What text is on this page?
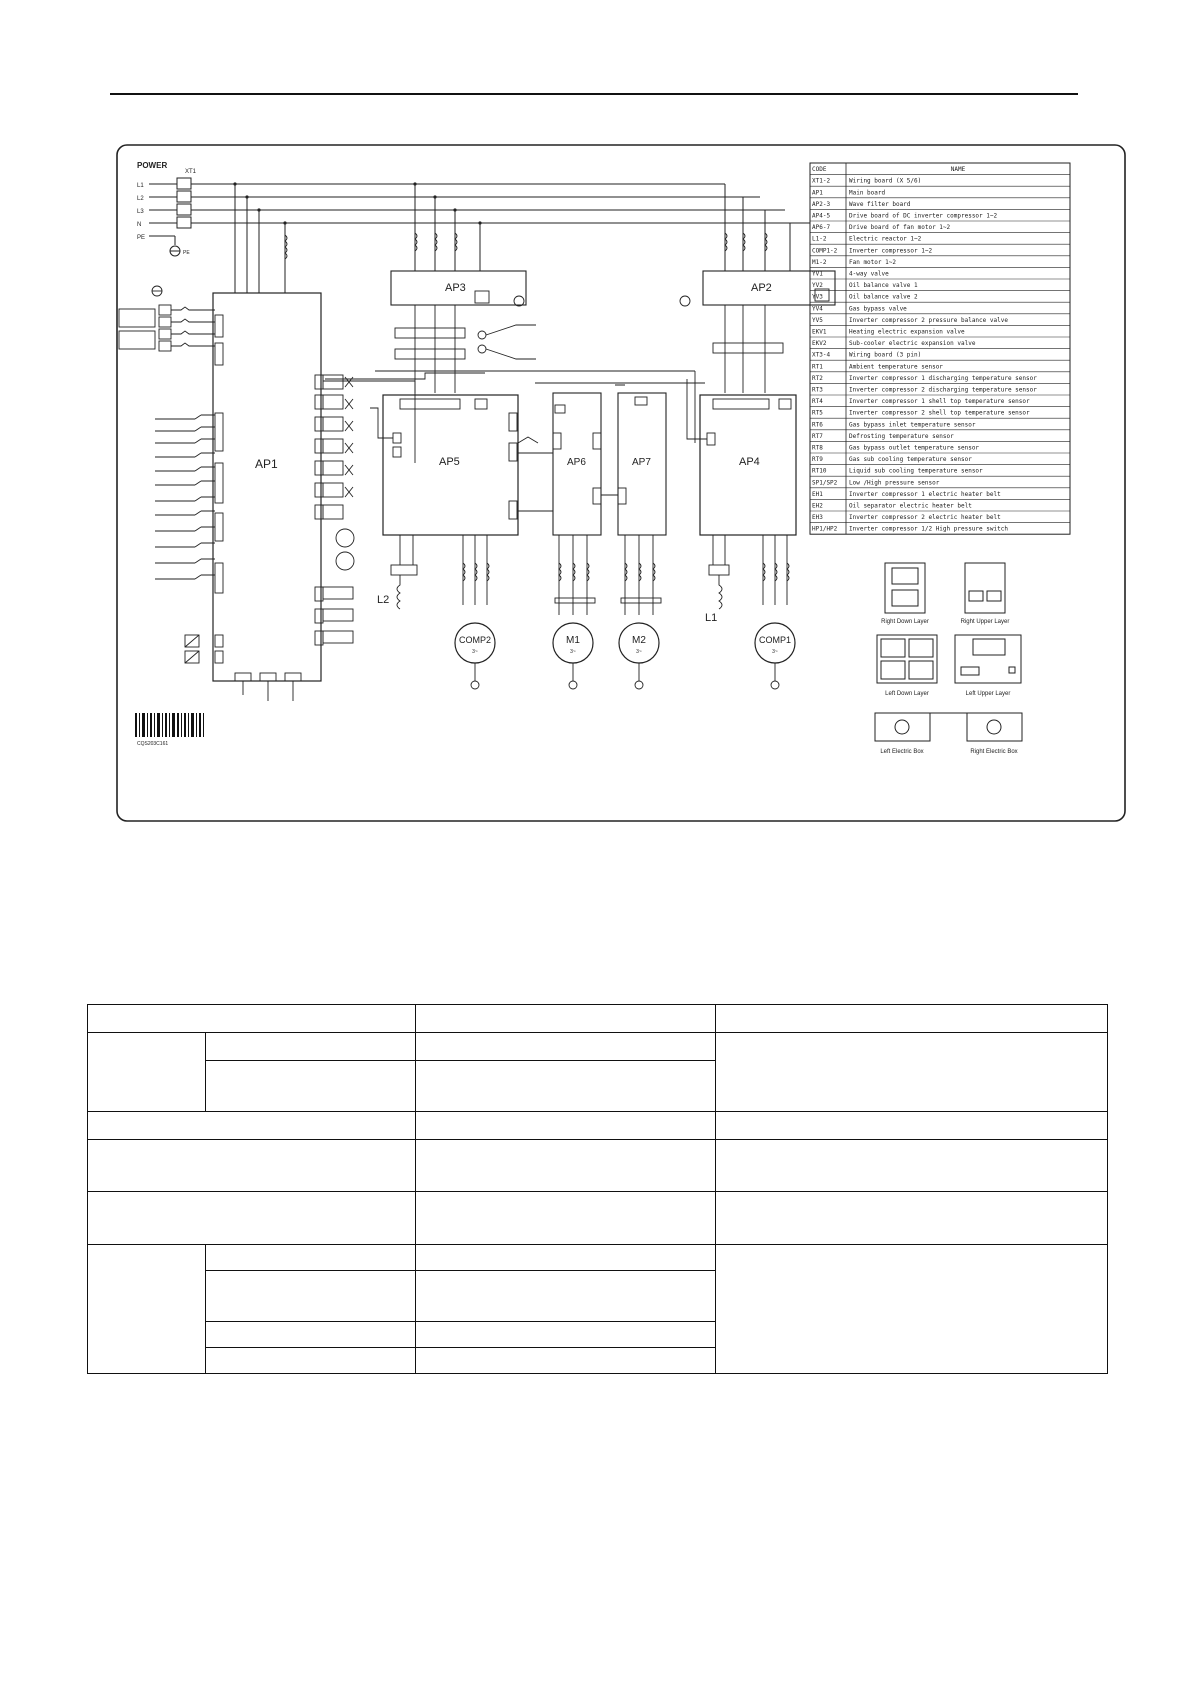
POWER
XT1
L1
L2
L3
N
PE
PE
AP1
AP3	AP2
AP5	AP6	AP7	AP4
L2
L1
COMP2
3~
M1
3~
M2
3~
COMP1
3~
CQS203C161
CODE	NAME
XT1-2	Wiring board (X 5/6)
AP1	Main board
AP2-3	Wave filter board
AP4-5	Drive board of DC inverter compressor 1~2
AP6-7	Drive board of fan motor 1~2
L1-2	Electric reactor 1~2
COMP1-2 Inverter compressor 1~2
M1-2	Fan motor 1~2
YV1	4-way valve
YV2	Oil balance valve 1
YV3	Oil balance valve 2
YV4	Gas bypass valve
YV5	Inverter compressor 2 pressure balance valve
EKV1	Heating electric expansion valve
EKV2	Sub-cooler electric expansion valve
XT3-4	Wiring board (3 pin)
RT1	Ambient temperature sensor
RT2	Inverter compressor 1 discharging temperature sensor
RT3	Inverter compressor 2 discharging temperature sensor
RT4	Inverter compressor 1 shell top temperature sensor
RT5	Inverter compressor 2 shell top temperature sensor
RT6	Gas bypass inlet temperature sensor
RT7	Defrosting temperature sensor
RT8	Gas bypass outlet temperature sensor
RT9	Gas sub cooling temperature sensor
RT10	Liquid sub cooling temperature sensor
SP1/SP2 Low /High pressure sensor
EH1	Inverter compressor 1 electric heater belt
EH2	Oil separator electric heater belt
EH3	Inverter compressor 2 electric heater belt
HP1/HP2 Inverter compressor 1/2 High pressure switch
Right Down Layer	Right Upper Layer
Left Down Layer	Left Upper Layer
Left Electric Box	Right Electric Box
